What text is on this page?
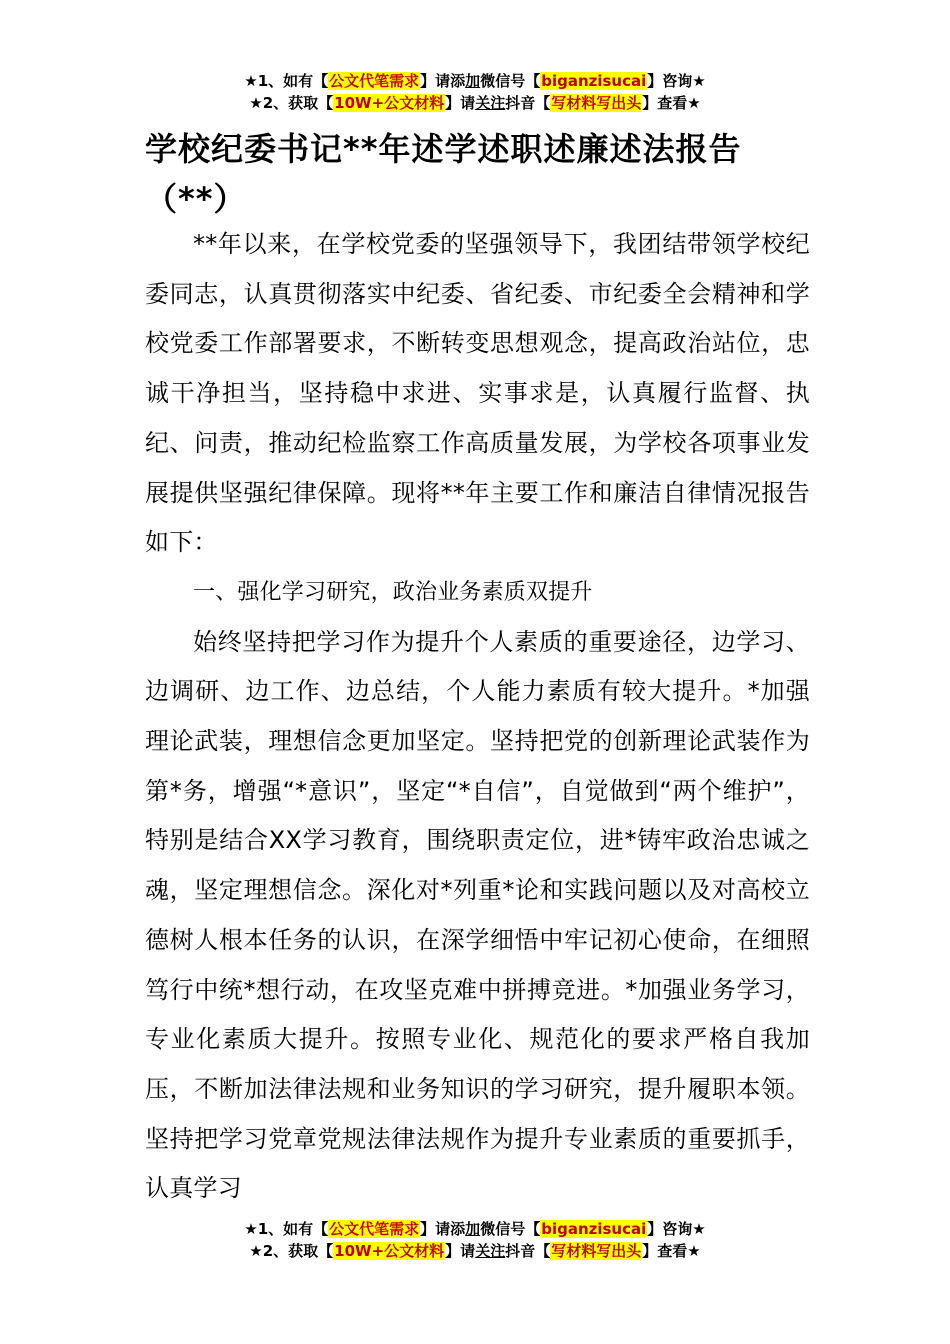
★1、如有【公文代笔需求】请添加微信号【biganzisucai】咨询★
★2、获取【10W+公文材料】请关注抖音【写材料写出头】查看★
学校纪委书记**年述学述职述廉述法报告（**）

**年以来，在学校党委的坚强领导下，我团结带领学校纪委同志，认真贯彻落实中纪委、省纪委、市纪委全会精神和学校党委工作部署要求，不断转变思想观念，提高政治站位，忠诚干净担当，坚持稳中求进、实事求是，认真履行监督、执纪、问责，推动纪检监察工作高质量发展，为学校各项事业发展提供坚强纪律保障。现将**年主要工作和廉洁自律情况报告如下：

一、强化学习研究，政治业务素质双提升

始终坚持把学习作为提升个人素质的重要途径，边学习、边调研、边工作、边总结，个人能力素质有较大提升。*加强理论武装，理想信念更加坚定。坚持把党的创新理论武装作为第*务，增强“*意识”，坚定“*自信”，自觉做到“两个维护”，特别是结合XX学习教育，围绕职责定位，进*铸牢政治忠诚之魂，坚定理想信念。深化对*列重*论和实践问题以及对高校立德树人根本任务的认识，在深学细悟中牢记初心使命，在细照笃行中统*想行动，在攻坚克难中拼搏竞进。*加强业务学习，专业化素质大提升。按照专业化、规范化的要求严格自我加压，不断加法律法规和业务知识的学习研究，提升履职本领。坚持把学习党章党规法律法规作为提升专业素质的重要抓手，认真学习

★1、如有【公文代笔需求】请添加微信号【biganzisucai】咨询★
★2、获取【10W+公文材料】请关注抖音【写材料写出头】查看★
